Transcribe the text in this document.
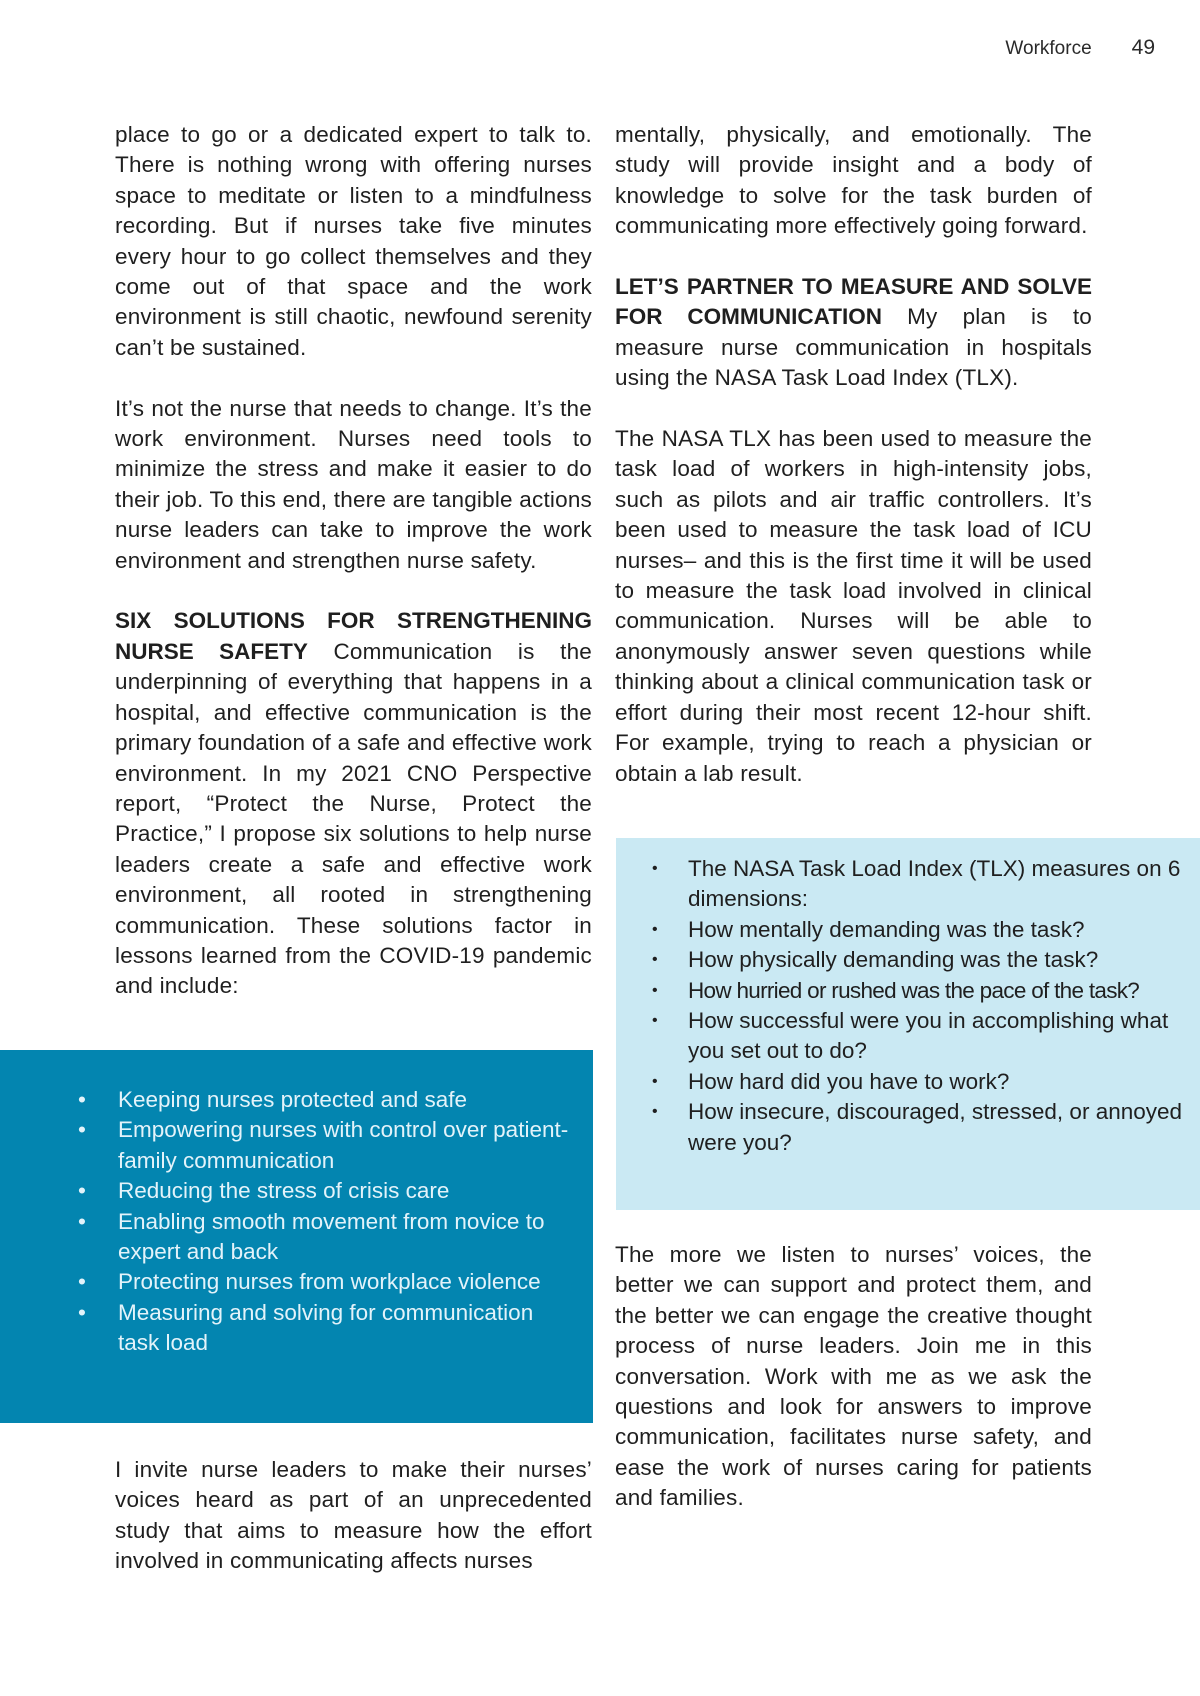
Workforce 49

place to go or a dedicated expert to talk to. There is nothing wrong with offering nurses space to meditate or listen to a mindfulness recording. But if nurses take five minutes every hour to go collect themselves and they come out of that space and the work environment is still chaotic, newfound serenity can’t be sustained.

It’s not the nurse that needs to change. It’s the work environment. Nurses need tools to minimize the stress and make it easier to do their job. To this end, there are tangible actions nurse leaders can take to improve the work environment and strengthen nurse safety.

SIX SOLUTIONS FOR STRENGTHENING NURSE SAFETY Communication is the underpinning of everything that happens in a hospital, and effective communication is the primary foundation of a safe and effective work environment. In my 2021 CNO Perspective report, “Protect the Nurse, Protect the Practice,” I propose six solutions to help nurse leaders create a safe and effective work environment, all rooted in strengthening communication. These solutions factor in lessons learned from the COVID-19 pandemic and include:

• Keeping nurses protected and safe
• Empowering nurses with control over patient-family communication
• Reducing the stress of crisis care
• Enabling smooth movement from novice to expert and back
• Protecting nurses from workplace violence
• Measuring and solving for communication task load

I invite nurse leaders to make their nurses’ voices heard as part of an unprecedented study that aims to measure how the effort involved in communicating affects nurses

mentally, physically, and emotionally. The study will provide insight and a body of knowledge to solve for the task burden of communicating more effectively going forward.

LET’S PARTNER TO MEASURE AND SOLVE FOR COMMUNICATION My plan is to measure nurse communication in hospitals using the NASA Task Load Index (TLX).

The NASA TLX has been used to measure the task load of workers in high-intensity jobs, such as pilots and air traffic controllers. It’s been used to measure the task load of ICU nurses– and this is the first time it will be used to measure the task load involved in clinical communication. Nurses will be able to anonymously answer seven questions while thinking about a clinical communication task or effort during their most recent 12-hour shift. For example, trying to reach a physician or obtain a lab result.

• The NASA Task Load Index (TLX) measures on 6 dimensions:
• How mentally demanding was the task?
• How physically demanding was the task?
• How hurried or rushed was the pace of the task?
• How successful were you in accomplishing what you set out to do?
• How hard did you have to work?
• How insecure, discouraged, stressed, or annoyed were you?

The more we listen to nurses’ voices, the better we can support and protect them, and the better we can engage the creative thought process of nurse leaders. Join me in this conversation. Work with me as we ask the questions and look for answers to improve communication, facilitates nurse safety, and ease the work of nurses caring for patients and families.
